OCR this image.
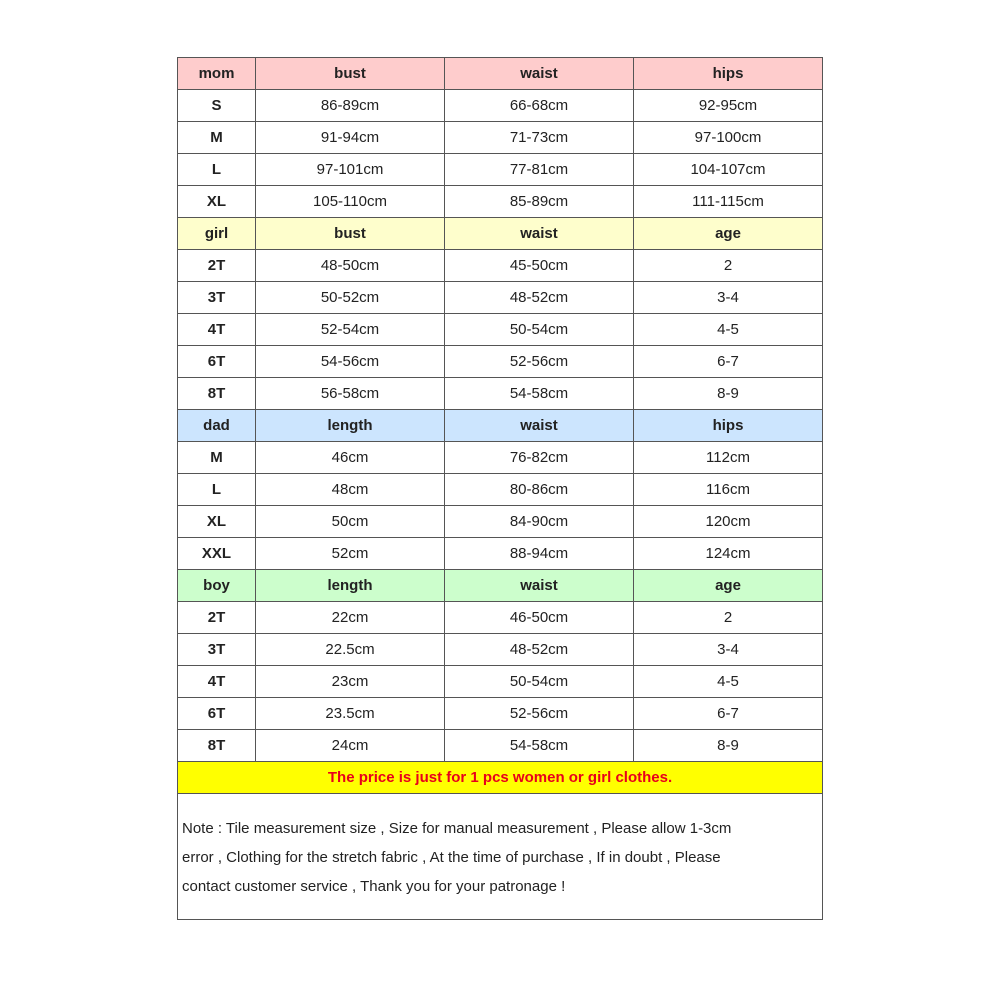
mom	bust	waist	hips
S	86-89cm	66-68cm	92-95cm
M	91-94cm	71-73cm	97-100cm
L	97-101cm	77-81cm	104-107cm
XL	105-110cm	85-89cm	111-115cm
girl	bust	waist	age
2T	48-50cm	45-50cm	2
3T	50-52cm	48-52cm	3-4
4T	52-54cm	50-54cm	4-5
6T	54-56cm	52-56cm	6-7
8T	56-58cm	54-58cm	8-9
dad	length	waist	hips
M	46cm	76-82cm	112cm
L	48cm	80-86cm	116cm
XL	50cm	84-90cm	120cm
XXL	52cm	88-94cm	124cm
boy	length	waist	age
2T	22cm	46-50cm	2
3T	22.5cm	48-52cm	3-4
4T	23cm	50-54cm	4-5
6T	23.5cm	52-56cm	6-7
8T	24cm	54-58cm	8-9
The price is just for 1 pcs women or girl clothes.			

Note : Tile measurement size , Size for manual measurement , Please allow 1-3cm
error , Clothing for the stretch fabric , At the time of purchase , If in doubt , Please
contact customer service , Thank you for your patronage !			
